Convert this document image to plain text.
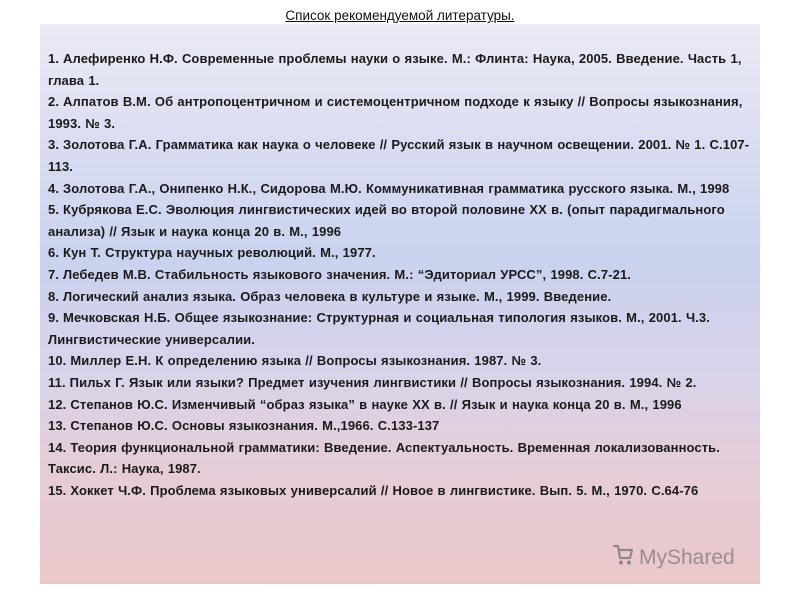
Список рекомендуемой литературы.
1. Алефиренко Н.Ф. Современные проблемы науки о языке. М.: Флинта: Наука, 2005. Введение. Часть 1, глава 1.
2. Алпатов В.М. Об антропоцентричном и системоцентричном подходе к языку // Вопросы языкознания, 1993. № 3.
3. Золотова Г.А. Грамматика как наука о человеке // Русский язык в научном освещении. 2001. № 1. С.107-113.
4. Золотова Г.А., Онипенко Н.К., Сидорова М.Ю. Коммуникативная грамматика русского языка. М., 1998
5. Кубрякова Е.С. Эволюция лингвистических идей во второй половине ХХ в. (опыт парадигмального анализа) // Язык и наука конца 20 в. М., 1996
6. Кун Т. Структура научных революций. М., 1977.
7. Лебедев М.В. Стабильность языкового значения. М.: “Эдиториал УРСС”, 1998. С.7-21.
8. Логический анализ языка. Образ человека в культуре и языке. М., 1999. Введение.
9. Мечковская Н.Б. Общее языкознание: Структурная и социальная типология языков. М., 2001. Ч.3. Лингвистические универсалии.
10. Миллер Е.Н. К определению языка // Вопросы языкознания. 1987. № 3.
11. Пильх Г. Язык или языки? Предмет изучения лингвистики // Вопросы языкознания. 1994. № 2.
12. Степанов Ю.С. Изменчивый “образ языка” в науке ХХ в. // Язык и наука конца 20 в. М., 1996
13. Степанов Ю.С. Основы языкознания. М.,1966. С.133-137
14. Теория функциональной грамматики: Введение. Аспектуальность. Временная локализованность. Таксис. Л.: Наука, 1987.
15. Хоккет Ч.Ф. Проблема языковых универсалий // Новое в лингвистике. Вып. 5. М., 1970. С.64-76
MyShared
